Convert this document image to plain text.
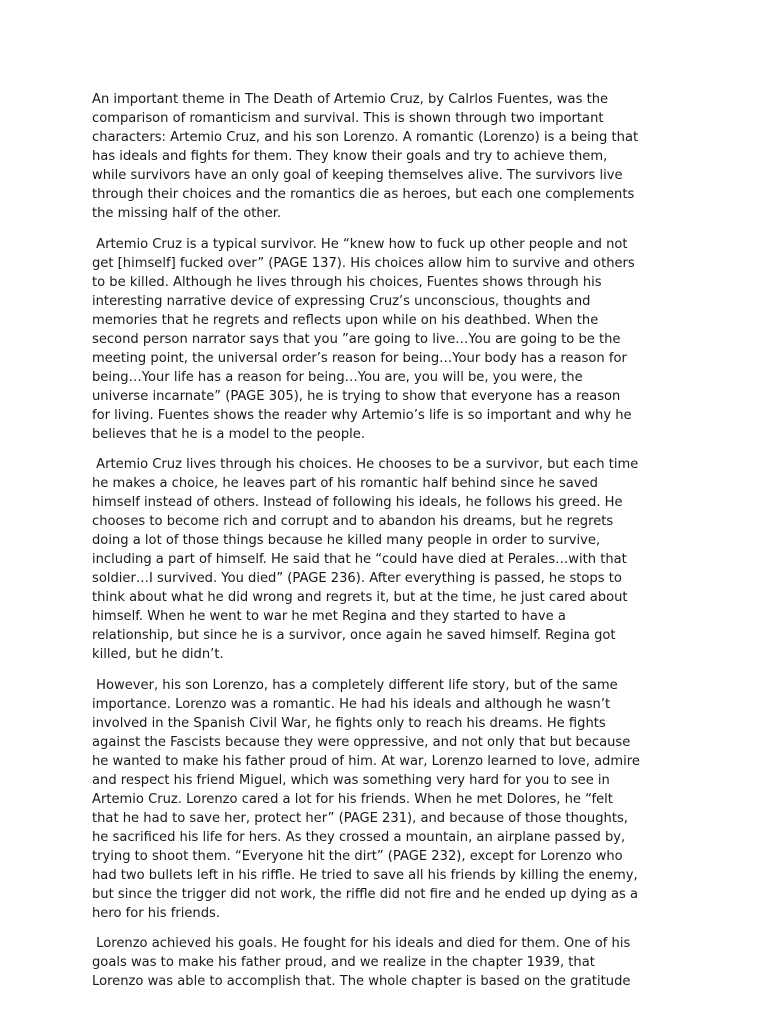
An important theme in The Death of Artemio Cruz, by Calrlos Fuentes, was the
comparison of romanticism and survival. This is shown through two important
characters: Artemio Cruz, and his son Lorenzo. A romantic (Lorenzo) is a being that
has ideals and fights for them. They know their goals and try to achieve them,
while survivors have an only goal of keeping themselves alive. The survivors live
through their choices and the romantics die as heroes, but each one complements
the missing half of the other.

Artemio Cruz is a typical survivor. He “knew how to fuck up other people and not
get [himself] fucked over” (PAGE 137). His choices allow him to survive and others
to be killed. Although he lives through his choices, Fuentes shows through his
interesting narrative device of expressing Cruz’s unconscious, thoughts and
memories that he regrets and reflects upon while on his deathbed. When the
second person narrator says that you ”are going to live…You are going to be the
meeting point, the universal order’s reason for being…Your body has a reason for
being…Your life has a reason for being…You are, you will be, you were, the
universe incarnate” (PAGE 305), he is trying to show that everyone has a reason
for living. Fuentes shows the reader why Artemio’s life is so important and why he
believes that he is a model to the people.

Artemio Cruz lives through his choices. He chooses to be a survivor, but each time
he makes a choice, he leaves part of his romantic half behind since he saved
himself instead of others. Instead of following his ideals, he follows his greed. He
chooses to become rich and corrupt and to abandon his dreams, but he regrets
doing a lot of those things because he killed many people in order to survive,
including a part of himself. He said that he “could have died at Perales…with that
soldier…I survived. You died” (PAGE 236). After everything is passed, he stops to
think about what he did wrong and regrets it, but at the time, he just cared about
himself. When he went to war he met Regina and they started to have a
relationship, but since he is a survivor, once again he saved himself. Regina got
killed, but he didn’t.

However, his son Lorenzo, has a completely different life story, but of the same
importance. Lorenzo was a romantic. He had his ideals and although he wasn’t
involved in the Spanish Civil War, he fights only to reach his dreams. He fights
against the Fascists because they were oppressive, and not only that but because
he wanted to make his father proud of him. At war, Lorenzo learned to love, admire
and respect his friend Miguel, which was something very hard for you to see in
Artemio Cruz. Lorenzo cared a lot for his friends. When he met Dolores, he “felt
that he had to save her, protect her” (PAGE 231), and because of those thoughts,
he sacrificed his life for hers. As they crossed a mountain, an airplane passed by,
trying to shoot them. “Everyone hit the dirt” (PAGE 232), except for Lorenzo who
had two bullets left in his riffle. He tried to save all his friends by killing the enemy,
but since the trigger did not work, the riffle did not fire and he ended up dying as a
hero for his friends.

Lorenzo achieved his goals. He fought for his ideals and died for them. One of his
goals was to make his father proud, and we realize in the chapter 1939, that
Lorenzo was able to accomplish that. The whole chapter is based on the gratitude
